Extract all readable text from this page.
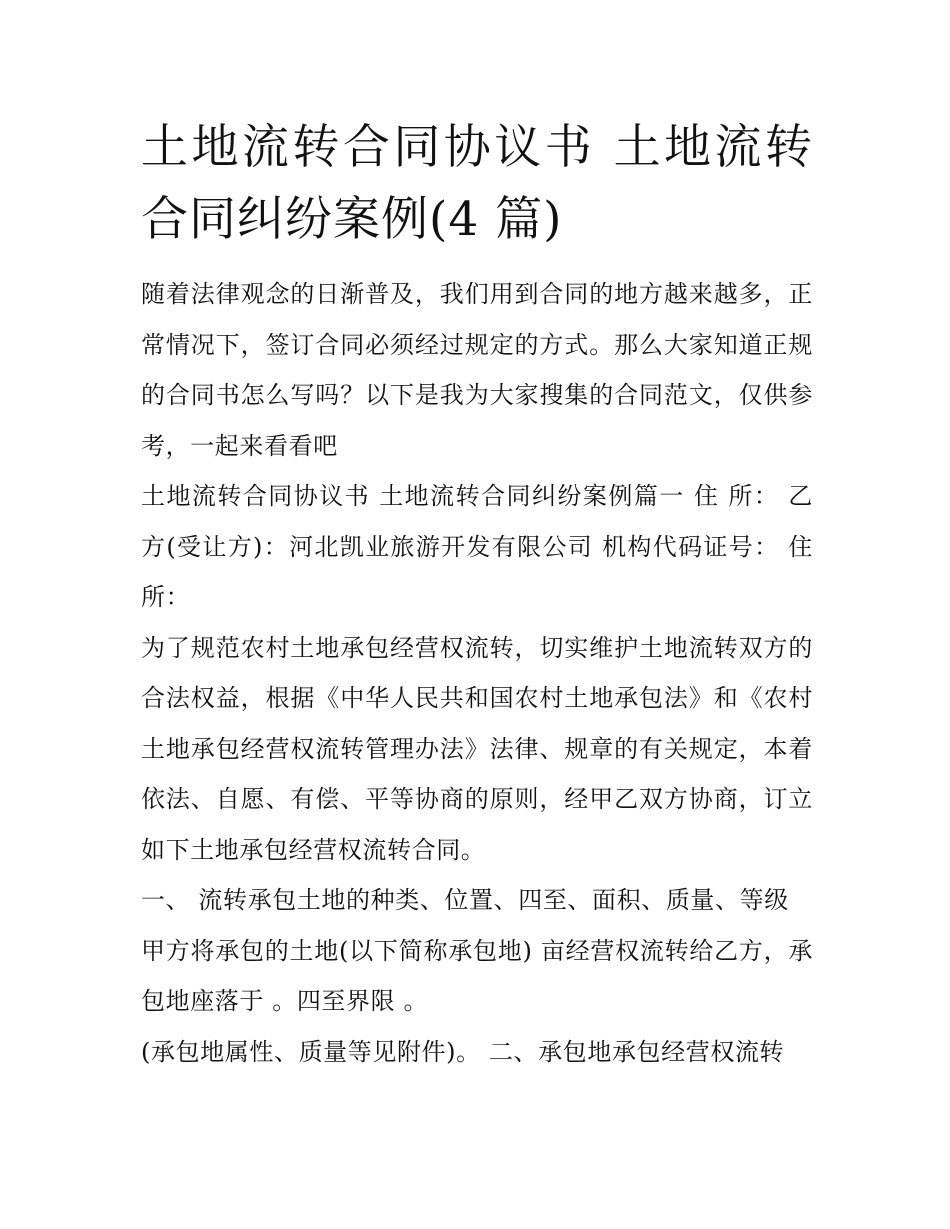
土地流转合同协议书 土地流转合同纠纷案例(4 篇)

随着法律观念的日渐普及，我们用到合同的地方越来越多，正常情况下，签订合同必须经过规定的方式。那么大家知道正规的合同书怎么写吗？以下是我为大家搜集的合同范文，仅供参考，一起来看看吧

土地流转合同协议书 土地流转合同纠纷案例篇一 住 所： 乙方(受让方)：河北凯业旅游开发有限公司 机构代码证号： 住所：

为了规范农村土地承包经营权流转，切实维护土地流转双方的合法权益，根据《中华人民共和国农村土地承包法》和《农村土地承包经营权流转管理办法》法律、规章的有关规定，本着依法、自愿、有偿、平等协商的原则，经甲乙双方协商，订立如下土地承包经营权流转合同。

一、 流转承包土地的种类、位置、四至、面积、质量、等级

甲方将承包的土地(以下简称承包地) 亩经营权流转给乙方，承包地座落于 。四至界限 。

(承包地属性、质量等见附件)。 二、承包地承包经营权流转
